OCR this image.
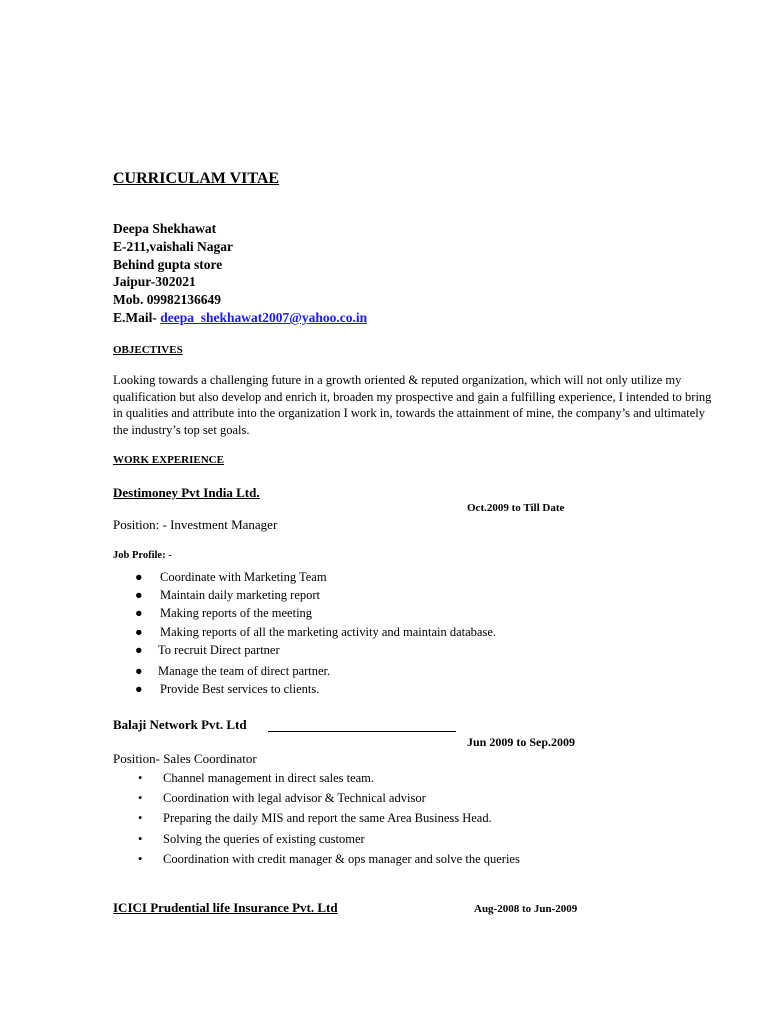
CURRICULAM VITAE
Deepa Shekhawat
E-211,vaishali Nagar
Behind gupta store
Jaipur-302021
Mob. 09982136649
E.Mail- deepa_shekhawat2007@yahoo.co.in
OBJECTIVES
Looking towards a challenging future in a growth oriented & reputed organization, which will not only utilize my qualification but also develop and enrich it, broaden my prospective and gain a fulfilling experience, I intended to bring in qualities and attribute into the organization I work in, towards the attainment of mine, the company’s and ultimately the industry’s top set goals.
WORK EXPERIENCE
Destimoney Pvt India Ltd.
Oct.2009 to Till Date
Position: - Investment Manager
Job Profile: -
● Coordinate with Marketing Team
● Maintain daily marketing report
● Making reports of the meeting
● Making reports of all the marketing activity and maintain database.
● To recruit Direct partner
● Manage the team of direct partner.
● Provide Best services to clients.
Balaji Network Pvt. Ltd
Jun 2009 to Sep.2009
Position- Sales Coordinator
• Channel management in direct sales team.
• Coordination with legal advisor & Technical advisor
• Preparing the daily MIS and report the same Area Business Head.
• Solving the queries of existing customer
• Coordination with credit manager & ops manager and solve the queries
ICICI Prudential life Insurance Pvt. Ltd	Aug-2008 to Jun-2009
